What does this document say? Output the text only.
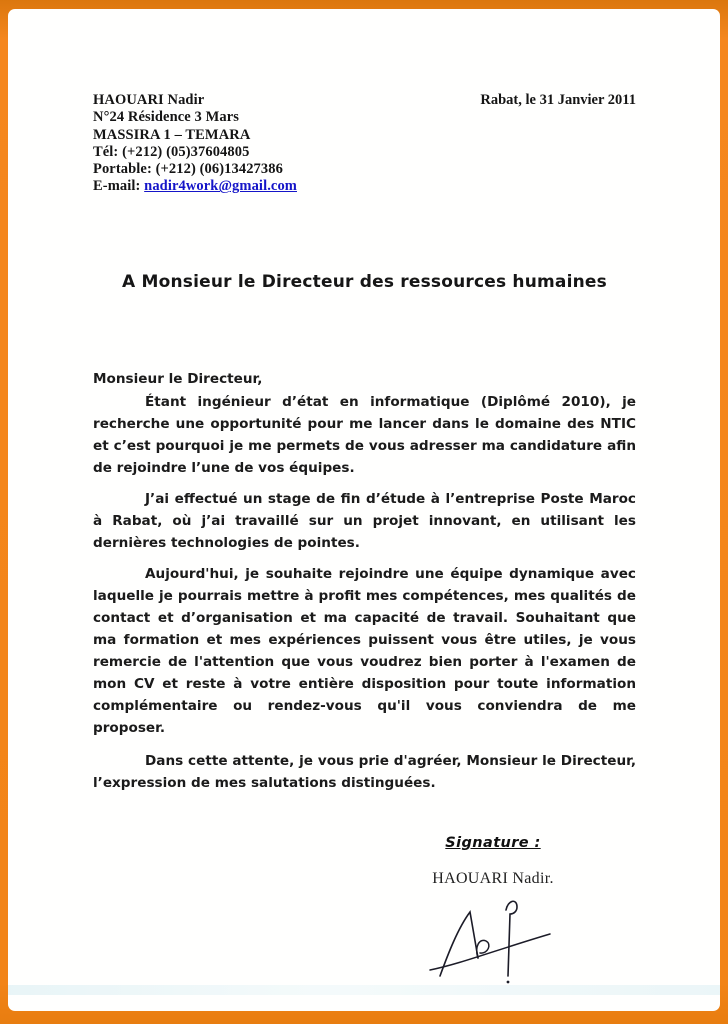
HAOUARI Nadir
N°24 Résidence 3 Mars
MASSIRA 1 – TEMARA
Tél: (+212) (05)37604805
Portable: (+212) (06)13427386
E-mail: nadir4work@gmail.com
Rabat, le 31 Janvier 2011
A Monsieur le Directeur des ressources humaines

Monsieur le Directeur,

Étant ingénieur d’état en informatique (Diplômé 2010), je recherche une opportunité pour me lancer dans le domaine des NTIC et c’est pourquoi je me permets de vous adresser ma candidature afin de rejoindre l’une de vos équipes.

J’ai effectué un stage de fin d’étude à l’entreprise Poste Maroc à Rabat, où j’ai travaillé sur un projet innovant, en utilisant les dernières technologies de pointes.

Aujourd'hui, je souhaite rejoindre une équipe dynamique avec laquelle je pourrais mettre à profit mes compétences, mes qualités de contact et d’organisation et ma capacité de travail. Souhaitant que ma formation et mes expériences puissent vous être utiles, je vous remercie de l'attention que vous voudrez bien porter à l'examen de mon CV et reste à votre entière disposition pour toute information complémentaire ou rendez-vous qu'il vous conviendra de me proposer.

Dans cette attente, je vous prie d'agréer, Monsieur le Directeur, l’expression de mes salutations distinguées.

Signature :
HAOUARI Nadir.
